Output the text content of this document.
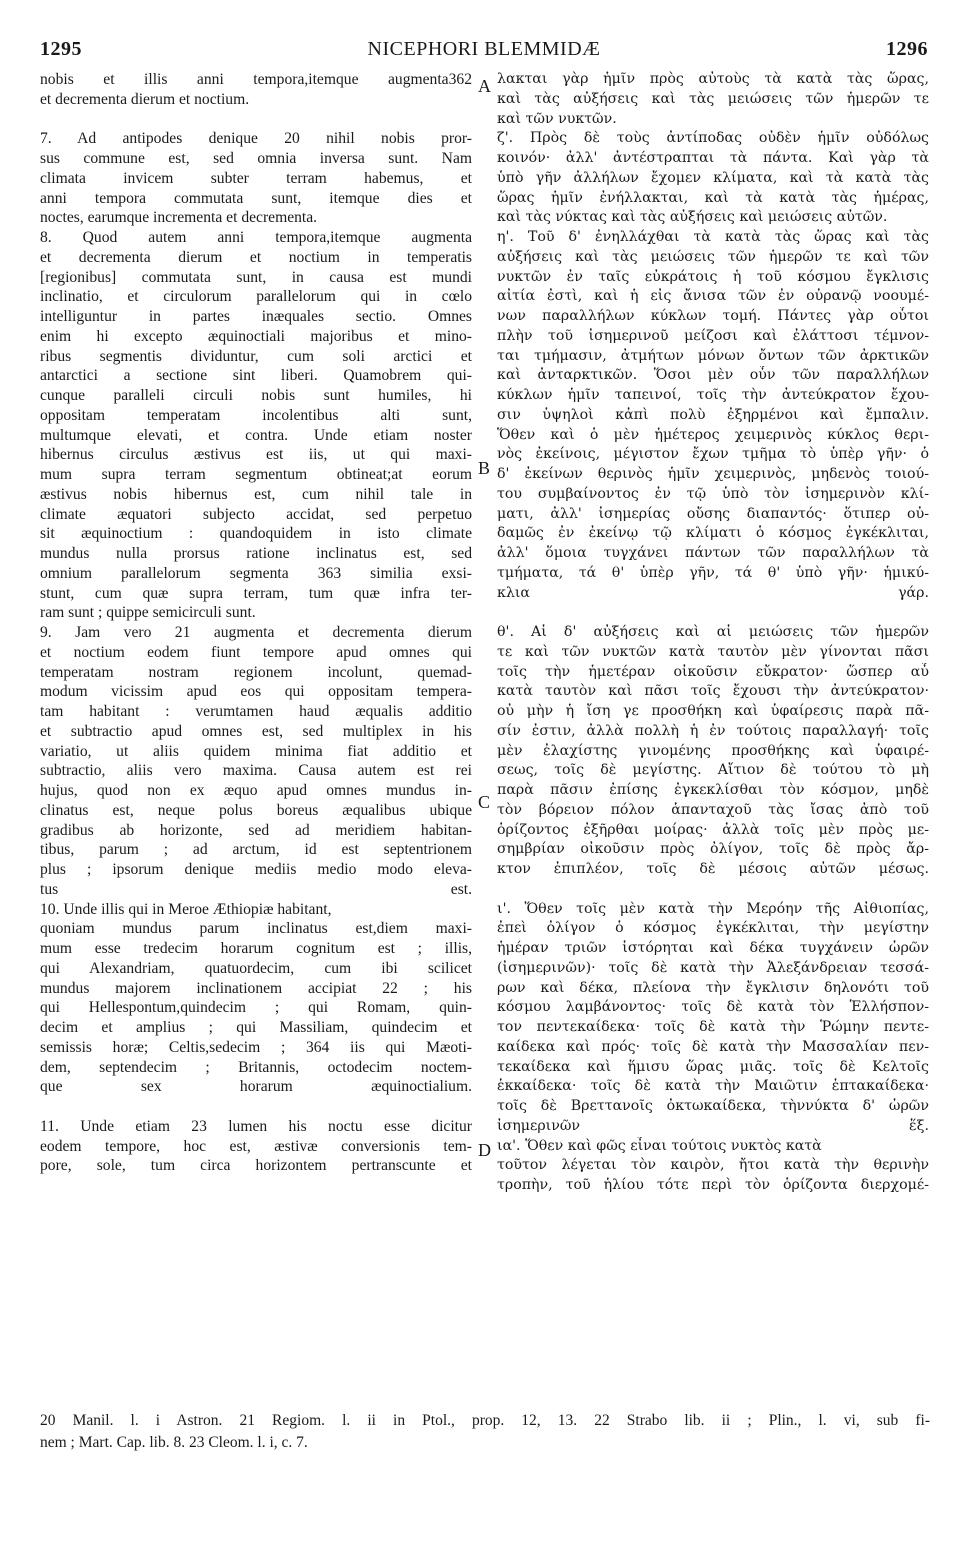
1295	NICEPHORI BLEMMIDÆ	1296
nobis et illis anni tempora,itemque augmenta362
et decrementa dierum et noctium.
7. Ad antipodes denique 20 nihil nobis pror-
sus commune est, sed omnia inversa sunt. Nam
climata invicem subter terram habemus, et
anni tempora commutata sunt, itemque dies et
noctes, earumque incrementa et decrementa.
8. Quod autem anni tempora,itemque augmenta
et decrementa dierum et noctium in temperatis
[regionibus] commutata sunt, in causa est mundi
inclinatio, et circulorum parallelorum qui in cœlo
intelliguntur in partes inæquales sectio. Omnes
enim hi excepto æquinoctiali majoribus et mino-
ribus segmentis dividuntur, cum soli arctici et
antarctici a sectione sint liberi. Quamobrem qui-
cunque paralleli circuli nobis sunt humiles, hi
oppositam temperatam incolentibus alti sunt,
multumque elevati, et contra. Unde etiam noster
hibernus circulus æstivus est iis, ut qui maxi-
mum supra terram segmentum obtineat;at eorum
æstivus nobis hibernus est, cum nihil tale in
climate æquatori subjecto accidat, sed perpetuo
sit æquinoctium : quandoquidem in isto climate
mundus nulla prorsus ratione inclinatus est, sed
omnium parallelorum segmenta 363 similia exsi-
stunt, cum quæ supra terram, tum quæ infra ter-
ram sunt ; quippe semicirculi sunt.
9. Jam vero 21 augmenta et decrementa dierum
et noctium eodem fiunt tempore apud omnes qui
temperatam nostram regionem incolunt, quemad-
modum vicissim apud eos qui oppositam tempera-
tam habitant : verumtamen haud æqualis additio
et subtractio apud omnes est, sed multiplex in his
variatio, ut aliis quidem minima fiat additio et
subtractio, aliis vero maxima. Causa autem est rei
hujus, quod non ex æquo apud omnes mundus in-
clinatus est, neque polus boreus æqualibus ubique
gradibus ab horizonte, sed ad meridiem habitan-
tibus, parum ; ad arctum, id est septentrionem
plus ; ipsorum denique mediis medio modo eleva-
tus est.
10. Unde illis qui in Meroe Æthiopiæ habitant,
quoniam mundus parum inclinatus est,diem maxi-
mum esse tredecim horarum cognitum est ; illis,
qui Alexandriam, quatuordecim, cum ibi scilicet
mundus majorem inclinationem accipiat 22 ; his
qui Hellespontum,quindecim ; qui Romam, quin-
decim et amplius ; qui Massiliam, quindecim et
semissis horæ; Celtis,sedecim ; 364 iis qui Mæoti-
dem, septendecim ; Britannis, octodecim noctem-
que sex horarum æquinoctialium.
11. Unde etiam 23 lumen his noctu esse dicitur
eodem tempore, hoc est, æstivæ conversionis tem-
pore, sole, tum circa horizontem pertranscunte et
λακται γὰρ ἡμῖν πρὸς αὐτοὺς τὰ κατὰ τὰς ὥρας,
καὶ τὰς αὐξήσεις καὶ τὰς μειώσεις τῶν ἡμερῶν τε
καὶ τῶν νυκτῶν.
ζ'. Πρὸς δὲ τοὺς ἀντίποδας οὐδὲν ἡμῖν οὐδόλως
κοινόν· ἀλλ' ἀντέστραπται τὰ πάντα. Καὶ γὰρ τὰ
ὑπὸ γῆν ἀλλήλων ἔχομεν κλίματα, καὶ τὰ κατὰ τὰς
ὥρας ἡμῖν ἐνήλλακται, καὶ τὰ κατὰ τὰς ἡμέρας,
καὶ τὰς νύκτας καὶ τὰς αὐξήσεις καὶ μειώσεις αὐτῶν.
η'. Τοῦ δ' ἐνηλλάχθαι τὰ κατὰ τὰς ὥρας καὶ τὰς
αὐξήσεις καὶ τὰς μειώσεις τῶν ἡμερῶν τε καὶ τῶν
νυκτῶν ἐν ταῖς εὐκράτοις ἡ τοῦ κόσμου ἔγκλισις
αἰτία ἐστὶ, καὶ ἡ εἰς ἄνισα τῶν ἐν οὐρανῷ νοουμέ-
νων παραλλήλων κύκλων τομή. Πάντες γὰρ οὗτοι
πλὴν τοῦ ἰσημερινοῦ μείζοσι καὶ ἐλάττοσι τέμνον-
ται τμήμασιν, ἀτμήτων μόνων ὄντων τῶν ἀρκτικῶν
καὶ ἀνταρκτικῶν. Ὅσοι μὲν οὖν τῶν παραλλήλων
κύκλων ἡμῖν ταπεινοί, τοῖς τὴν ἀντεύκρατον ἔχου-
σιν ὑψηλοὶ κἀπὶ πολὺ ἐξηρμένοι καὶ ἔμπαλιν.
Ὅθεν καὶ ὁ μὲν ἡμέτερος χειμερινὸς κύκλος θερι-
νὸς ἐκείνοις, μέγιστον ἔχων τμῆμα τὸ ὑπὲρ γῆν· ὁ
δ' ἐκείνων θερινὸς ἡμῖν χειμερινὸς, μηδενὸς τοιού-
του συμβαίνοντος ἐν τῷ ὑπὸ τὸν ἰσημερινὸν κλί-
ματι, ἀλλ' ἰσημερίας οὔσης διαπαντός· ὅτιπερ οὐ-
δαμῶς ἐν ἐκείνῳ τῷ κλίματι ὁ κόσμος ἐγκέκλιται,
ἀλλ' ὅμοια τυγχάνει πάντων τῶν παραλλήλων τὰ
τμήματα, τά θ' ὑπὲρ γῆν, τά θ' ὑπὸ γῆν· ἡμικύ-
κλια γάρ.
θ'. Αἱ δ' αὐξήσεις καὶ αἱ μειώσεις τῶν ἡμερῶν
τε καὶ τῶν νυκτῶν κατὰ ταυτὸν μὲν γίνονται πᾶσι
τοῖς τὴν ἡμετέραν οἰκοῦσιν εὔκρατον· ὥσπερ αὖ
κατὰ ταυτὸν καὶ πᾶσι τοῖς ἔχουσι τὴν ἀντεύκρατον·
οὐ μὴν ἡ ἴση γε προσθήκη καὶ ὑφαίρεσις παρὰ πᾶ-
σίν ἐστιν, ἀλλὰ πολλὴ ἡ ἐν τούτοις παραλλαγή· τοῖς
μὲν ἐλαχίστης γινομένης προσθήκης καὶ ὑφαιρέ-
σεως, τοῖς δὲ μεγίστης. Αἴτιον δὲ τούτου τὸ μὴ
παρὰ πᾶσιν ἐπίσης ἐγκεκλίσθαι τὸν κόσμον, μηδὲ
τὸν βόρειον πόλον ἁπανταχοῦ τὰς ἴσας ἀπὸ τοῦ
ὁρίζοντος ἐξῆρθαι μοίρας· ἀλλὰ τοῖς μὲν πρὸς με-
σημβρίαν οἰκοῦσιν πρὸς ὀλίγον, τοῖς δὲ πρὸς ἄρ-
κτον ἐπιπλέον, τοῖς δὲ μέσοις αὐτῶν μέσως.
ι'. Ὅθεν τοῖς μὲν κατὰ τὴν Μερόην τῆς Αἰθιοπίας,
ἐπεὶ ὀλίγον ὁ κόσμος ἐγκέκλιται, τὴν μεγίστην
ἡμέραν τριῶν ἱστόρηται καὶ δέκα τυγχάνειν ὡρῶν
(ἰσημερινῶν)· τοῖς δὲ κατὰ τὴν Ἀλεξάνδρειαν τεσσά-
ρων καὶ δέκα, πλείονα τὴν ἔγκλισιν δηλονότι τοῦ
κόσμου λαμβάνοντος· τοῖς δὲ κατὰ τὸν Ἑλλήσπον-
τον πεντεκαίδεκα· τοῖς δὲ κατὰ τὴν Ῥώμην πεντε-
καίδεκα καὶ πρός· τοῖς δὲ κατὰ τὴν Μασσαλίαν πεν-
τεκαίδεκα καὶ ἥμισυ ὥρας μιᾶς. τοῖς δὲ Κελτοῖς
ἑκκαίδεκα· τοῖς δὲ κατὰ τὴν Μαιῶτιν ἑπτακαίδεκα·
τοῖς δὲ Βρεττανοῖς ὀκτωκαίδεκα, τὴννύκτα δ' ὡρῶν
ἰσημερινῶν ἕξ.
ια'. Ὅθεν καὶ φῶς εἶναι τούτοις νυκτὸς κατὰ
τοῦτον λέγεται τὸν καιρὸν, ἤτοι κατὰ τὴν θερινὴν
τροπὴν, τοῦ ἡλίου τότε περὶ τὸν ὁρίζοντα διερχομέ-
A
B
C
D
20 Manil. l. i Astron. 21 Regiom. l. ii in Ptol., prop. 12, 13. 22 Strabo lib. ii ; Plin., l. vi, sub fi-
nem ; Mart. Cap. lib. 8. 23 Cleom. l. i, c. 7.
